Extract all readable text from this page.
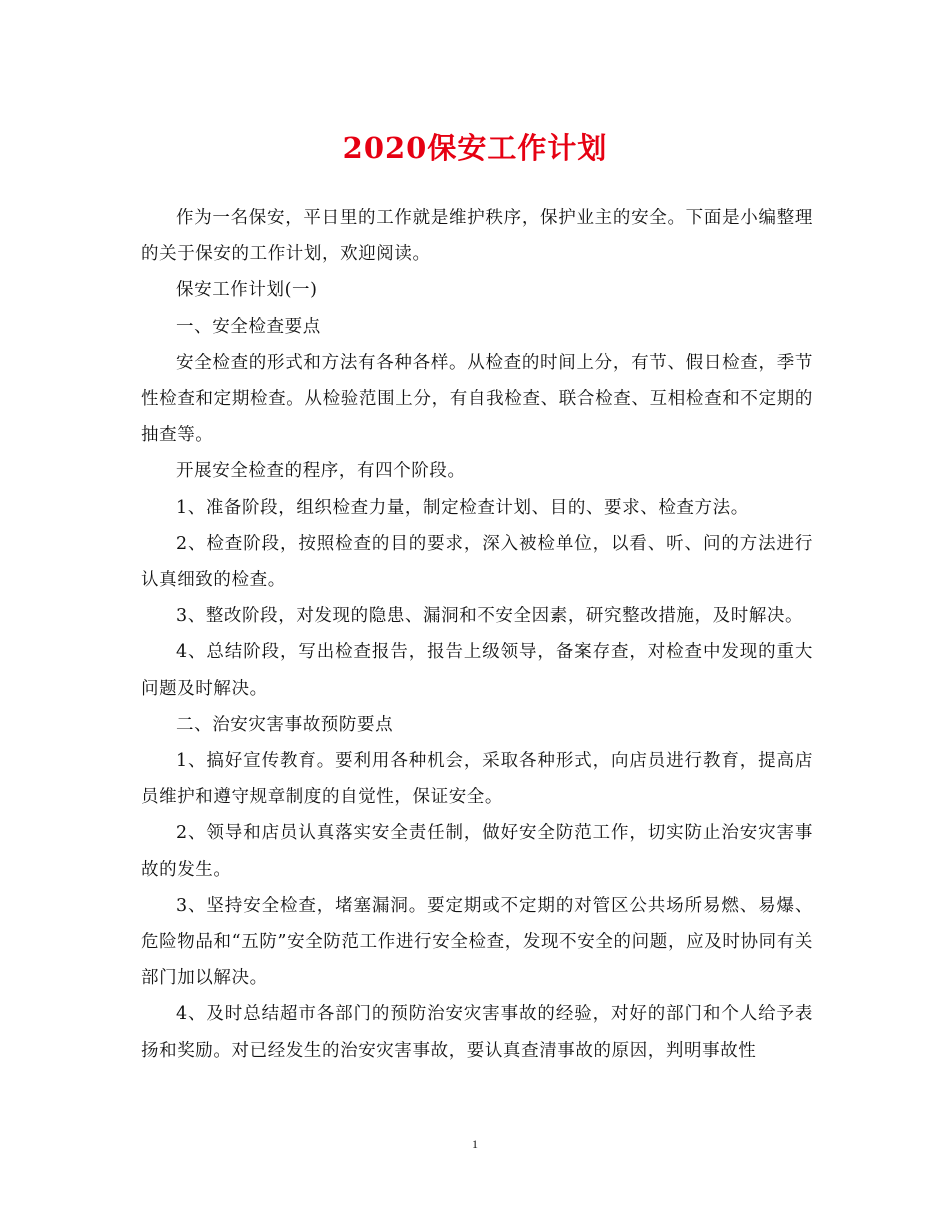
2020保安工作计划

作为一名保安，平日里的工作就是维护秩序，保护业主的安全。下面是小编整理的关于保安的工作计划，欢迎阅读。

保安工作计划(一)

一、安全检查要点

安全检查的形式和方法有各种各样。从检查的时间上分，有节、假日检查，季节性检查和定期检查。从检验范围上分，有自我检查、联合检查、互相检查和不定期的抽查等。

开展安全检查的程序，有四个阶段。

1、准备阶段，组织检查力量，制定检查计划、目的、要求、检查方法。

2、检查阶段，按照检查的目的要求，深入被检单位，以看、听、问的方法进行认真细致的检查。

3、整改阶段，对发现的隐患、漏洞和不安全因素，研究整改措施，及时解决。

4、总结阶段，写出检查报告，报告上级领导，备案存查，对检查中发现的重大问题及时解决。

二、治安灾害事故预防要点

1、搞好宣传教育。要利用各种机会，采取各种形式，向店员进行教育，提高店员维护和遵守规章制度的自觉性，保证安全。

2、领导和店员认真落实安全责任制，做好安全防范工作，切实防止治安灾害事故的发生。

3、坚持安全检查，堵塞漏洞。要定期或不定期的对管区公共场所易燃、易爆、危险物品和“五防”安全防范工作进行安全检查，发现不安全的问题，应及时协同有关部门加以解决。

4、及时总结超市各部门的预防治安灾害事故的经验，对好的部门和个人给予表扬和奖励。对已经发生的治安灾害事故，要认真查清事故的原因，判明事故性

1
